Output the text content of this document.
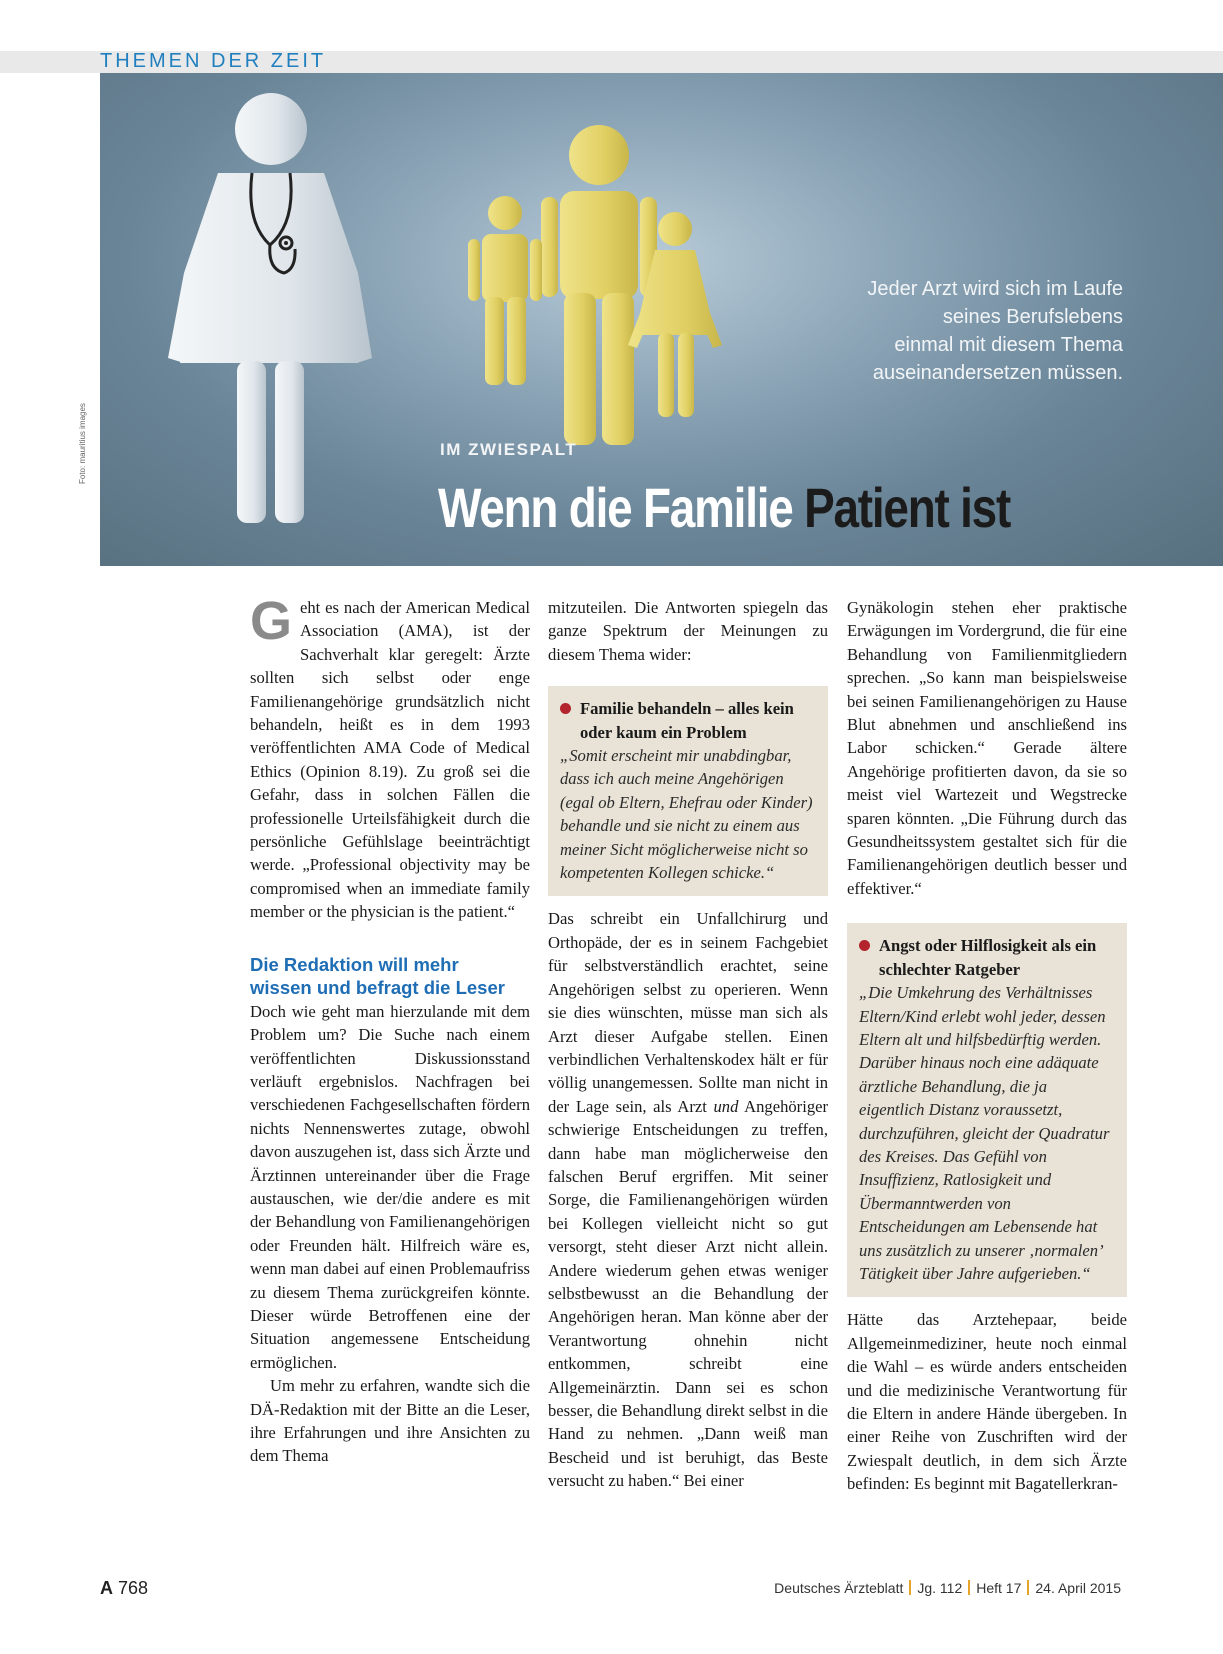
THEMEN DER ZEIT
Jeder Arzt wird sich im Laufe
seines Berufslebens
einmal mit diesem Thema
auseinandersetzen müssen.
IM ZWIESPALT
Wenn die Familie Patient ist
Foto: mauritius images

Geht es nach der American Medical Association (AMA), ist der Sachverhalt klar geregelt: Ärzte sollten sich selbst oder enge Familienangehörige grundsätzlich nicht behandeln, heißt es in dem 1993 veröffentlichten AMA Code of Medical Ethics (Opinion 8.19). Zu groß sei die Gefahr, dass in solchen Fällen die professionelle Urteilsfähigkeit durch die persönliche Gefühlslage beeinträchtigt werde. „Professional objectivity may be compromised when an immediate family member or the physician is the patient.“

Die Redaktion will mehr
wissen und befragt die Leser

Doch wie geht man hierzulande mit dem Problem um? Die Suche nach einem veröffentlichten Diskussionsstand verläuft ergebnislos. Nachfragen bei verschiedenen Fachgesellschaften fördern nichts Nennenswertes zutage, obwohl davon auszugehen ist, dass sich Ärzte und Ärztinnen untereinander über die Frage austauschen, wie der/die andere es mit der Behandlung von Familienangehörigen oder Freunden hält. Hilfreich wäre es, wenn man dabei auf einen Problemaufriss zu diesem Thema zurückgreifen könnte. Dieser würde Betroffenen eine der Situation angemessene Entscheidung ermöglichen.

Um mehr zu erfahren, wandte sich die DÄ-Redaktion mit der Bitte an die Leser, ihre Erfahrungen und ihre Ansichten zu dem Thema

mitzuteilen. Die Antworten spiegeln das ganze Spektrum der Meinungen zu diesem Thema wider:

Familie behandeln – alles kein oder kaum ein Problem
„Somit erscheint mir unabdingbar, dass ich auch meine Angehörigen (egal ob Eltern, Ehefrau oder Kinder) behandle und sie nicht zu einem aus meiner Sicht möglicherweise nicht so kompetenten Kollegen schicke.“

Das schreibt ein Unfallchirurg und Orthopäde, der es in seinem Fachgebiet für selbstverständlich erachtet, seine Angehörigen selbst zu operieren. Wenn sie dies wünschten, müsse man sich als Arzt dieser Aufgabe stellen. Einen verbindlichen Verhaltenskodex hält er für völlig unangemessen. Sollte man nicht in der Lage sein, als Arzt und Angehöriger schwierige Entscheidungen zu treffen, dann habe man möglicherweise den falschen Beruf ergriffen. Mit seiner Sorge, die Familienangehörigen würden bei Kollegen vielleicht nicht so gut versorgt, steht dieser Arzt nicht allein. Andere wiederum gehen etwas weniger selbstbewusst an die Behandlung der Angehörigen heran. Man könne aber der Verantwortung ohnehin nicht entkommen, schreibt eine Allgemeinärztin. Dann sei es schon besser, die Behandlung direkt selbst in die Hand zu nehmen. „Dann weiß man Bescheid und ist beruhigt, das Beste versucht zu haben.“ Bei einer

Gynäkologin stehen eher praktische Erwägungen im Vordergrund, die für eine Behandlung von Familienmitgliedern sprechen. „So kann man beispielsweise bei seinen Familienangehörigen zu Hause Blut abnehmen und anschließend ins Labor schicken.“ Gerade ältere Angehörige profitierten davon, da sie so meist viel Wartezeit und Wegstrecke sparen könnten. „Die Führung durch das Gesundheitssystem gestaltet sich für die Familienangehörigen deutlich besser und effektiver.“

Angst oder Hilflosigkeit als ein schlechter Ratgeber
„Die Umkehrung des Verhältnisses Eltern/Kind erlebt wohl jeder, dessen Eltern alt und hilfsbedürftig werden. Darüber hinaus noch eine adäquate ärztliche Behandlung, die ja eigentlich Distanz voraussetzt, durchzuführen, gleicht der Quadratur des Kreises. Das Gefühl von Insuffizienz, Ratlosigkeit und Übermanntwerden von Entscheidungen am Lebensende hat uns zusätzlich zu unserer ‚normalen’ Tätigkeit über Jahre aufgerieben.“

Hätte das Arztehepaar, beide Allgemeinmediziner, heute noch einmal die Wahl – es würde anders entscheiden und die medizinische Verantwortung für die Eltern in andere Hände übergeben. In einer Reihe von Zuschriften wird der Zwiespalt deutlich, in dem sich Ärzte befinden: Es beginnt mit Bagatellerkran-

A 768	Deutsches Ärzteblatt Jg. 112 Heft 17 24. April 2015
